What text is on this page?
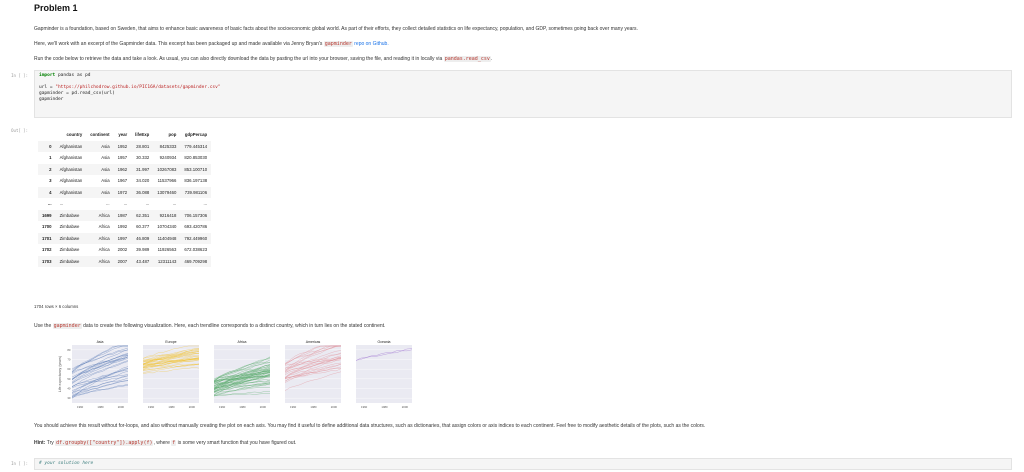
Problem 1
Gapminder is a foundation, based on Sweden, that aims to enhance basic awareness of basic facts about the socioeconomic global world. As part of their efforts, they collect detailed statistics on life expectancy, population, and GDP, sometimes going back over many years.
Here, we'll work with an excerpt of the Gapminder data. This excerpt has been packaged up and made available via Jenny Bryan's gapminder repo on Github.
Run the code below to retrieve the data and take a look. As usual, you can also directly download the data by pasting the url into your browser, saving the file, and reading it in locally via pandas.read_csv.
In [ ]:	import pandas as pd

url = "https://philchodrow.github.io/PIC16A/datasets/gapminder.csv"
gapminder = pd.read_csv(url)
gapminder
Out[ ]:
	country	continent	year	lifeExp	pop	gdpPercap
0	Afghanistan	Asia	1952	28.801	8425333	779.445314
1	Afghanistan	Asia	1957	30.332	9240934	820.853030
2	Afghanistan	Asia	1962	31.997	10267083	853.100710
3	Afghanistan	Asia	1967	34.020	11537966	836.197138
4	Afghanistan	Asia	1972	36.088	13079460	739.981106
...	...	...	...	...	...	...
1699	Zimbabwe	Africa	1987	62.351	9216418	706.157306
1700	Zimbabwe	Africa	1992	60.377	10704340	693.420786
1701	Zimbabwe	Africa	1997	46.809	11404948	792.449960
1702	Zimbabwe	Africa	2002	39.989	11926563	672.038623
1703	Zimbabwe	Africa	2007	43.487	12311143	469.709298
1704 rows × 6 columns
Use the gapminder data to create the following visualization. Here, each trendline corresponds to a distinct country, which in turn lies on the stated continent.
Life expectancy (years)
Asia
80
70
60
50
40
30
1960	1980	2000
Europe
1960	1980	2000
Africa
1960	1980	2000
Americas
1960	1980	2000
Oceania
1960	1980	2000
You should achieve this result without for-loops, and also without manually creating the plot on each axis. You may find it useful to define additional data structures, such as dictionaries, that assign colors or axis indices to each continent. Feel free to modify aesthetic details of the plots, such as the colors.
Hint: Try df.groupby(["country"]).apply(f), where f is some very smart function that you have figured out.
In [ ]:	# your solution here
